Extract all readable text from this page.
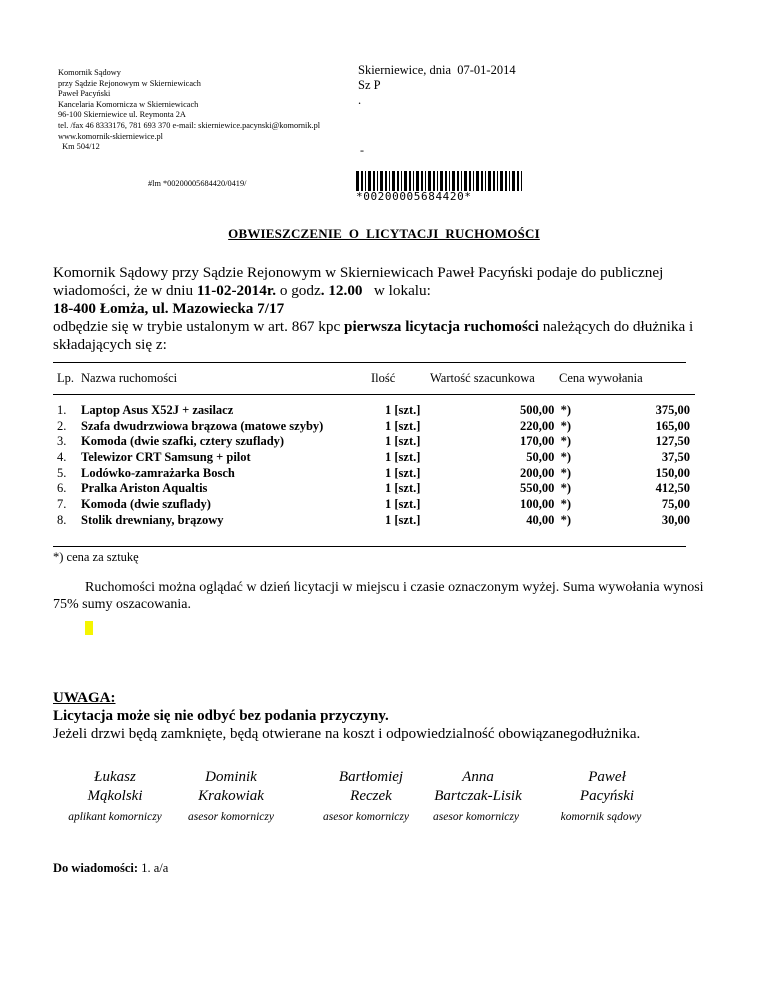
Komornik Sądowy
przy Sądzie Rejonowym w Skierniewicach
Paweł Pacyński
Kancelaria Komornicza w Skierniewicach
96-100 Skierniewice ul. Reymonta 2A
tel. /fax 46 8333176, 781 693 370 e-mail: skierniewice.pacynski@komornik.pl
www.komornik-skierniewice.pl
Km 504/12
Skierniewice, dnia  07-01-2014
Sz P
.
-
#lm *00200005684420/0419/
*00200005684420*
OBWIESZCZENIE  O  LICYTACJI  RUCHOMOŚCI

Komornik Sądowy przy Sądzie Rejonowym w Skierniewicach Paweł Pacyński podaje do publicznej wiadomości, że w dniu 11-02-2014r. o godz. 12.00   w lokalu:

18-400 Łomża, ul. Mazowiecka 7/17

odbędzie się w trybie ustalonym w art. 867 kpc pierwsza licytacja ruchomości należących do dłużnika i składających się z:

Lp. Nazwa ruchomości	Ilość	Wartość szacunkowa Cena wywołania
1. Laptop Asus X52J + zasilacz	1 [szt.]	500,00  *)	375,00
2. Szafa dwudrzwiowa brązowa (matowe szyby)	1 [szt.]	220,00  *)	165,00
3. Komoda (dwie szafki, cztery szuflady)	1 [szt.]	170,00  *)	127,50
4. Telewizor CRT Samsung + pilot	1 [szt.]	50,00  *)	37,50
5. Lodówko-zamrażarka Bosch	1 [szt.]	200,00  *)	150,00
6. Pralka Ariston Aqualtis	1 [szt.]	550,00  *)	412,50
7. Komoda (dwie szuflady)	1 [szt.]	100,00  *)	75,00
8. Stolik drewniany, brązowy	1 [szt.]	40,00  *)	30,00
*) cena za sztukę

Ruchomości można oglądać w dzień licytacji w miejscu i czasie oznaczonym wyżej. Suma wywołania wynosi 75% sumy oszacowania.

UWAGA:
Licytacja może się nie odbyć bez podania przyczyny.
Jeżeli drzwi będą zamknięte, będą otwierane na koszt i odpowiedzialność obowiązanegodłużnika.
Łukasz
Mąkolski
aplikant komorniczy
Dominik
Krakowiak
asesor komorniczy
Bartłomiej
Reczek
asesor komorniczy
Anna
Bartczak-Lisik
asesor komorniczy
Paweł
Pacyński
komornik sądowy
Do wiadomości: 1. a/a
